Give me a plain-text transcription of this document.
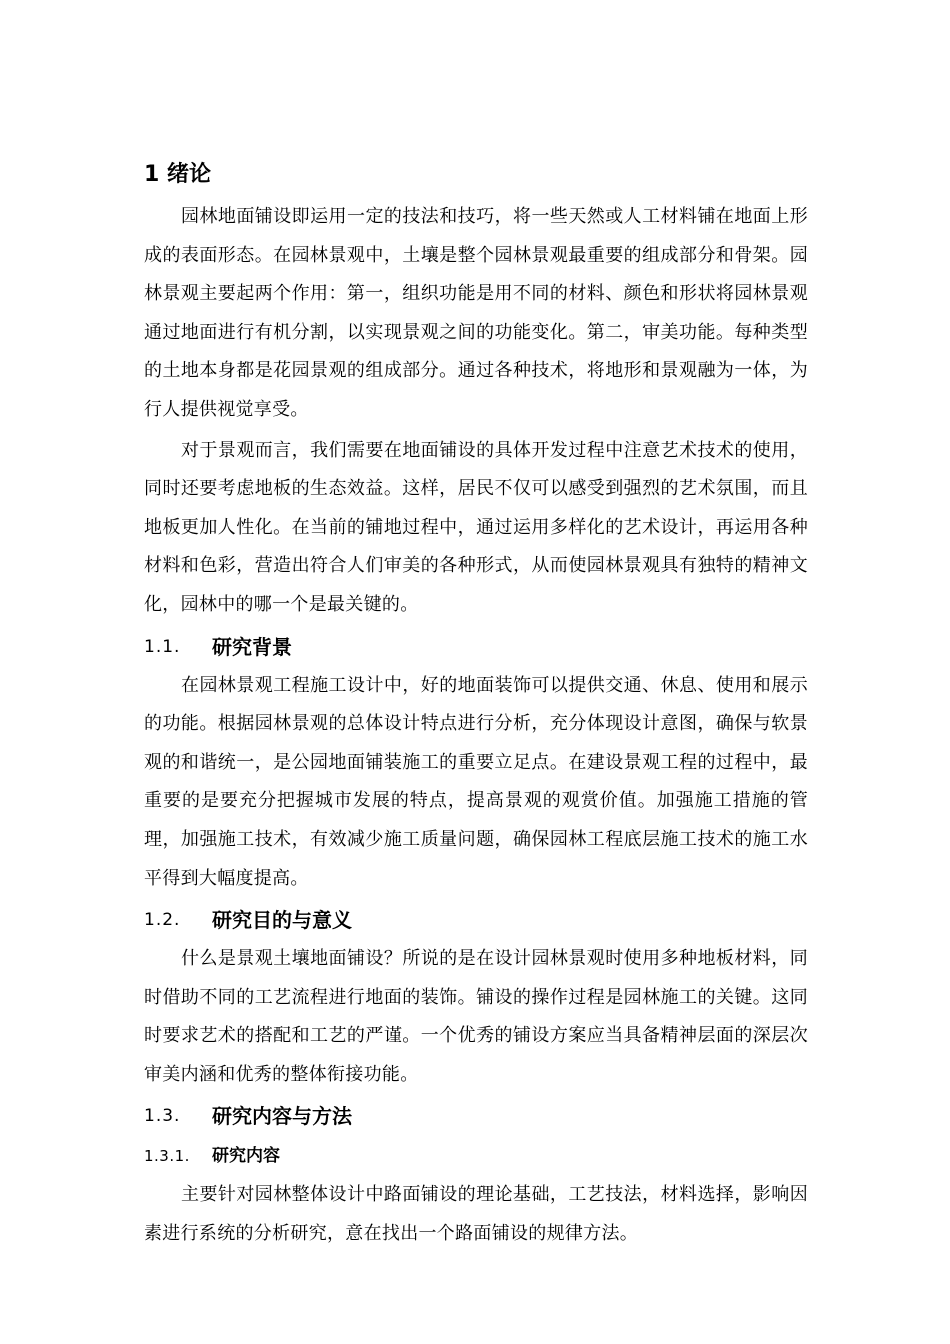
1 绪论

园林地面铺设即运用一定的技法和技巧，将一些天然或人工材料铺在地面上形成的表面形态。在园林景观中，土壤是整个园林景观最重要的组成部分和骨架。园林景观主要起两个作用：第一，组织功能是用不同的材料、颜色和形状将园林景观通过地面进行有机分割，以实现景观之间的功能变化。第二，审美功能。每种类型的土地本身都是花园景观的组成部分。通过各种技术，将地形和景观融为一体，为行人提供视觉享受。

对于景观而言，我们需要在地面铺设的具体开发过程中注意艺术技术的使用，同时还要考虑地板的生态效益。这样，居民不仅可以感受到强烈的艺术氛围，而且地板更加人性化。在当前的铺地过程中，通过运用多样化的艺术设计，再运用各种材料和色彩，营造出符合人们审美的各种形式，从而使园林景观具有独特的精神文化，园林中的哪一个是最关键的。

1.1.	研究背景

在园林景观工程施工设计中，好的地面装饰可以提供交通、休息、使用和展示的功能。根据园林景观的总体设计特点进行分析，充分体现设计意图，确保与软景观的和谐统一，是公园地面铺装施工的重要立足点。在建设景观工程的过程中，最重要的是要充分把握城市发展的特点，提高景观的观赏价值。加强施工措施的管理，加强施工技术，有效减少施工质量问题，确保园林工程底层施工技术的施工水平得到大幅度提高。

1.2.	研究目的与意义

什么是景观土壤地面铺设？所说的是在设计园林景观时使用多种地板材料，同时借助不同的工艺流程进行地面的装饰。铺设的操作过程是园林施工的关键。这同时要求艺术的搭配和工艺的严谨。一个优秀的铺设方案应当具备精神层面的深层次审美内涵和优秀的整体衔接功能。

1.3.	研究内容与方法
1.3.1.	研究内容

主要针对园林整体设计中路面铺设的理论基础，工艺技法，材料选择，影响因素进行系统的分析研究，意在找出一个路面铺设的规律方法。
